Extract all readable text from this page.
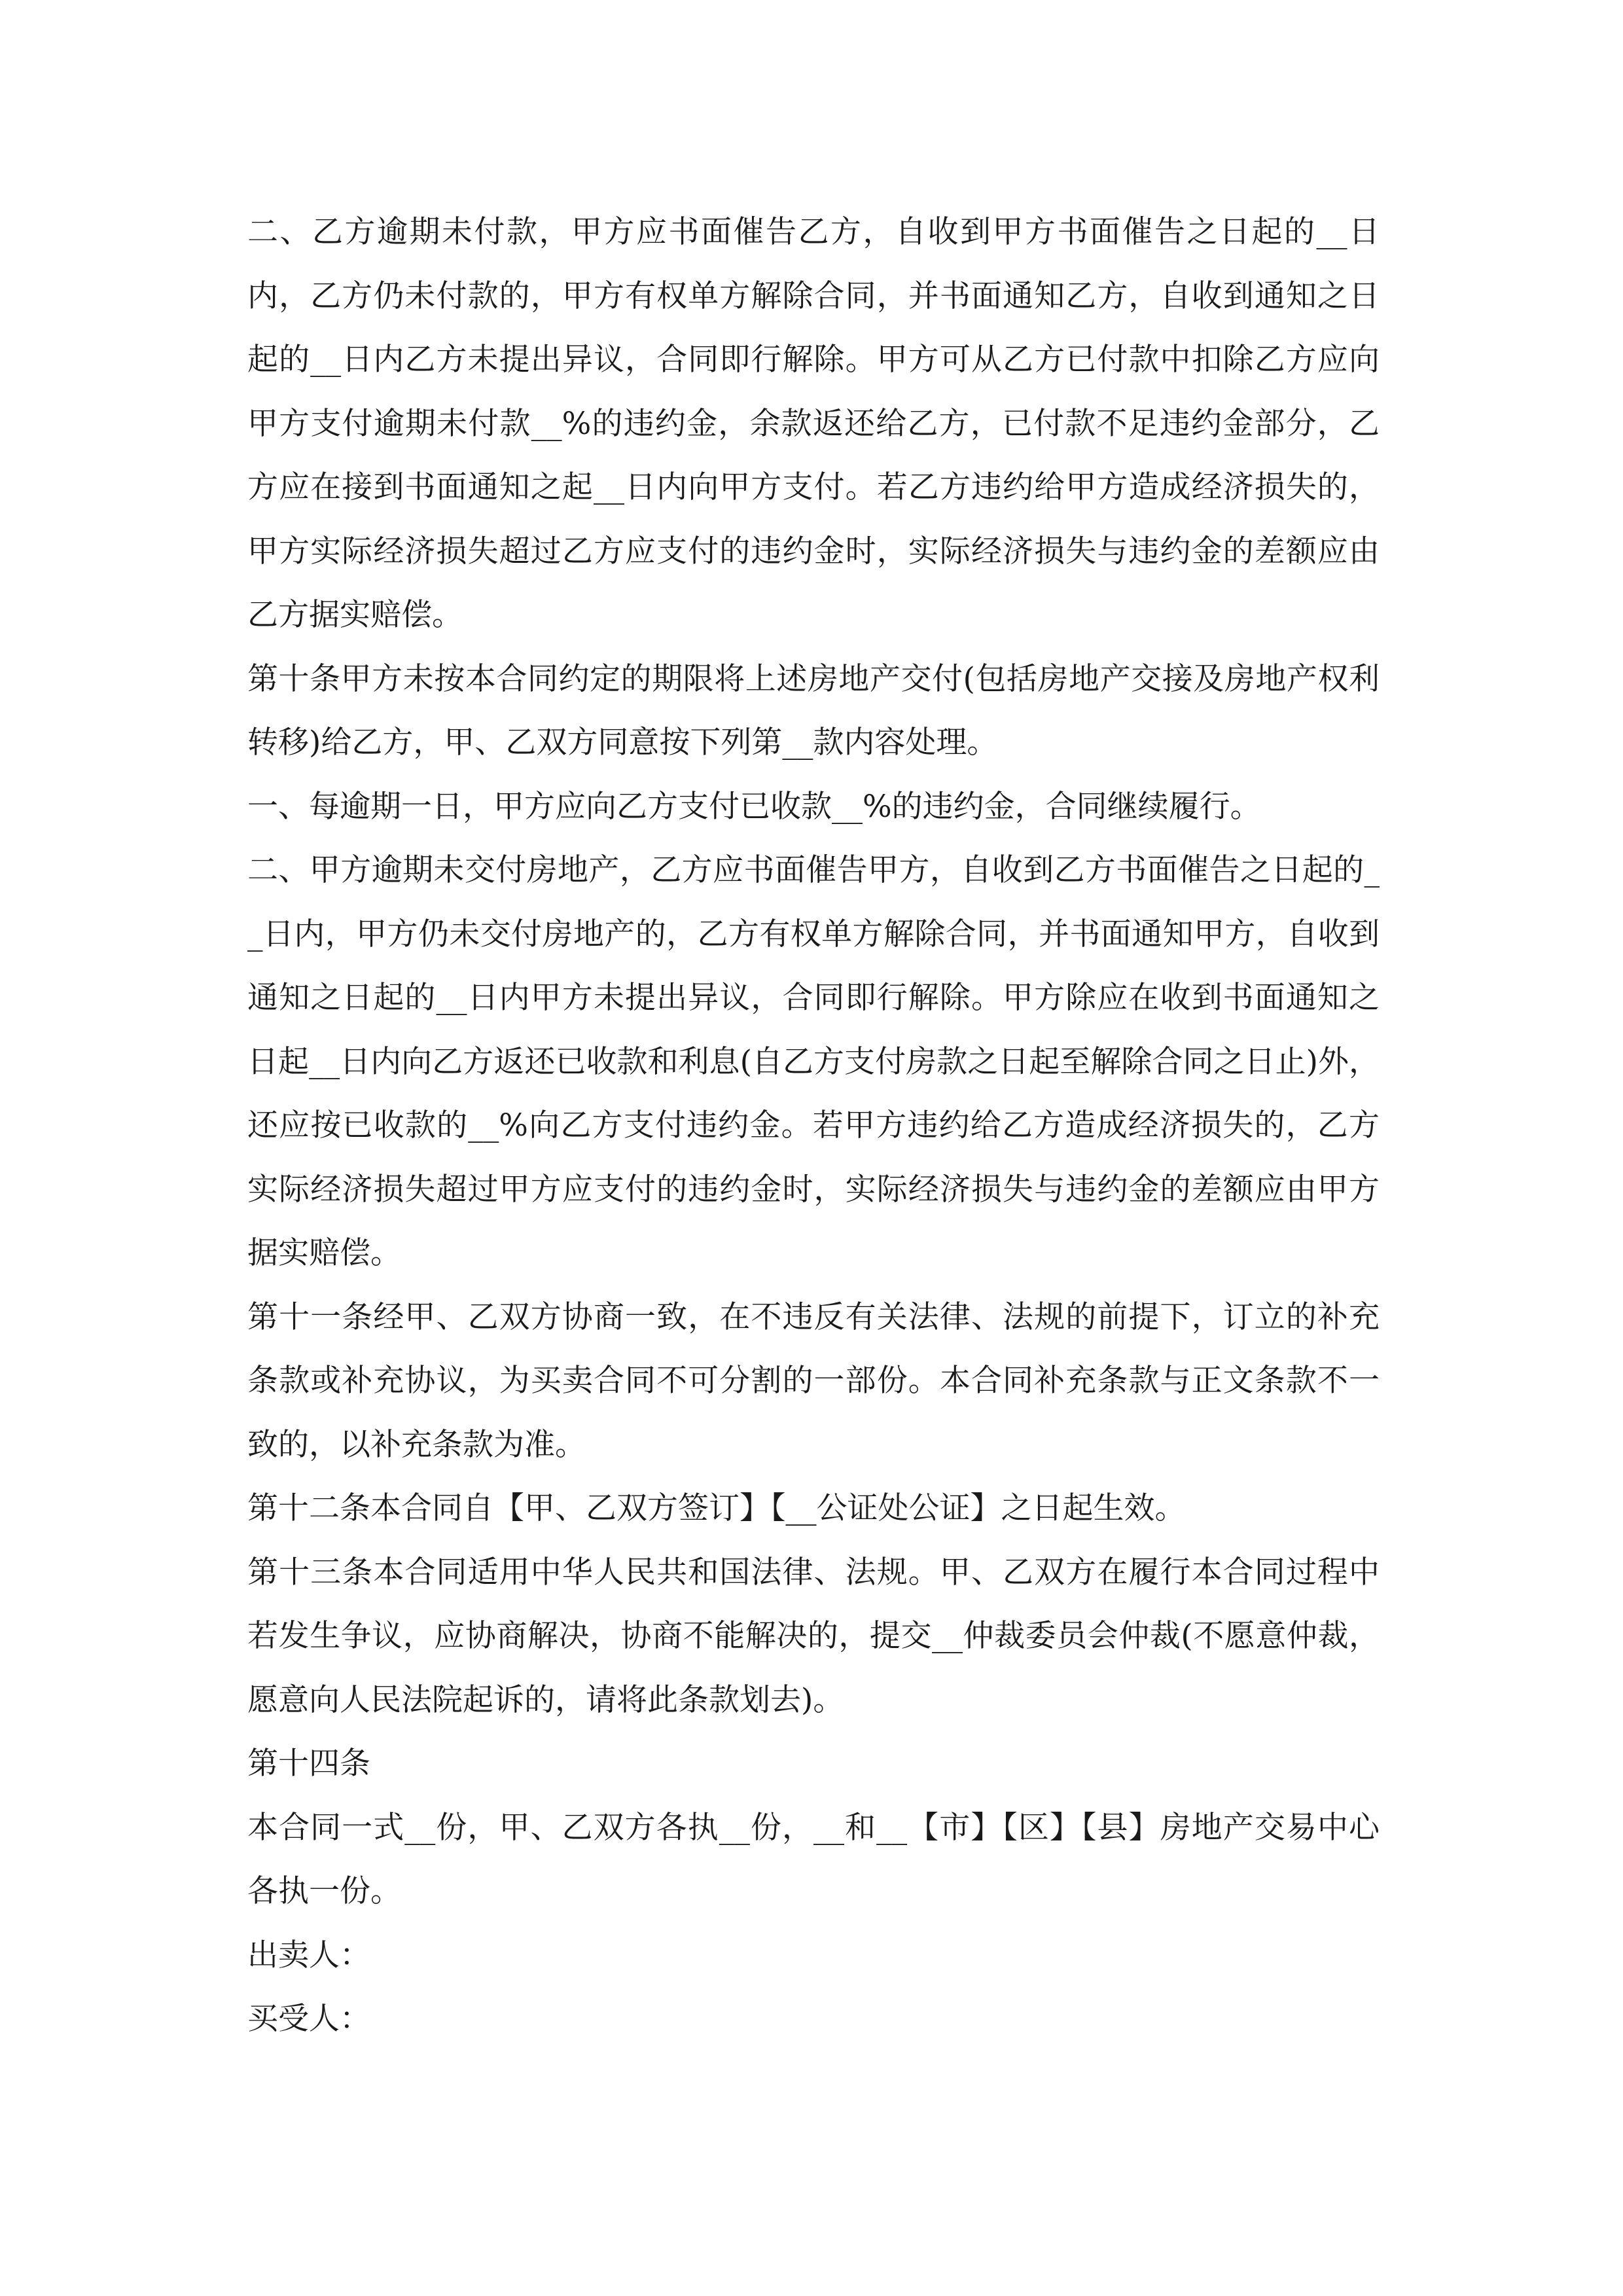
二、乙方逾期未付款，甲方应书面催告乙方，自收到甲方书面催告之日起的__日内，乙方仍未付款的，甲方有权单方解除合同，并书面通知乙方，自收到通知之日起的__日内乙方未提出异议，合同即行解除。甲方可从乙方已付款中扣除乙方应向甲方支付逾期未付款__%的违约金，余款返还给乙方，已付款不足违约金部分，乙方应在接到书面通知之起__日内向甲方支付。若乙方违约给甲方造成经济损失的，甲方实际经济损失超过乙方应支付的违约金时，实际经济损失与违约金的差额应由乙方据实赔偿。

第十条甲方未按本合同约定的期限将上述房地产交付(包括房地产交接及房地产权利转移)给乙方，甲、乙双方同意按下列第__款内容处理。

一、每逾期一日，甲方应向乙方支付已收款__%的违约金，合同继续履行。

二、甲方逾期未交付房地产，乙方应书面催告甲方，自收到乙方书面催告之日起的__日内，甲方仍未交付房地产的，乙方有权单方解除合同，并书面通知甲方，自收到通知之日起的__日内甲方未提出异议，合同即行解除。甲方除应在收到书面通知之日起__日内向乙方返还已收款和利息(自乙方支付房款之日起至解除合同之日止)外，还应按已收款的__%向乙方支付违约金。若甲方违约给乙方造成经济损失的，乙方实际经济损失超过甲方应支付的违约金时，实际经济损失与违约金的差额应由甲方据实赔偿。

第十一条经甲、乙双方协商一致，在不违反有关法律、法规的前提下，订立的补充条款或补充协议，为买卖合同不可分割的一部份。本合同补充条款与正文条款不一致的，以补充条款为准。

第十二条本合同自【甲、乙双方签订】【__公证处公证】之日起生效。

第十三条本合同适用中华人民共和国法律、法规。甲、乙双方在履行本合同过程中若发生争议，应协商解决，协商不能解决的，提交__仲裁委员会仲裁(不愿意仲裁，愿意向人民法院起诉的，请将此条款划去)。

第十四条

本合同一式__份，甲、乙双方各执__份，__和__【市】【区】【县】房地产交易中心各执一份。

出卖人：

买受人：
